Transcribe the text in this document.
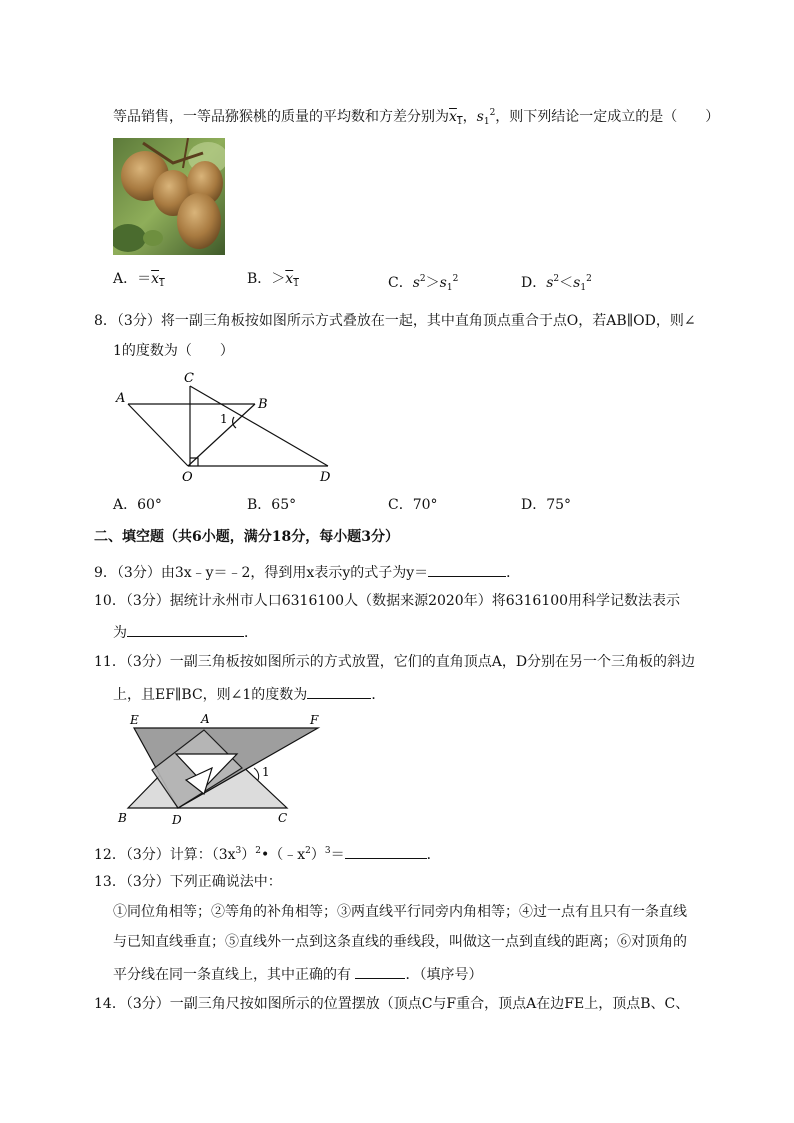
等品销售，一等品猕猴桃的质量的平均数和方差分别为$x_1$，$s_1^2$，则下列结论一定成立的是（　　）
A．$=x_1$	B．$>x_1$	C．$s^2>s_1^2$	D．$s^2<s_1^2$
8．（3分）将一副三角板按如图所示方式叠放在一起，其中直角顶点重合于点O，若AB∥OD，则∠
1的度数为（　　）
A
C
B
1
O	D
A．60°	B．65°	C．70°	D．75°
二、填空题（共6小题，满分18分，每小题3分）
9．（3分）由3x﹣y＝﹣2，得到用x表示y的式子为y＝	．
10．（3分）据统计永州市人口6316100人（数据来源2020年）将6316100用科学记数法表示
为	．
11．（3分）一副三角板按如图所示的方式放置，它们的直角顶点A，D分别在另一个三角板的斜边
上，且EF∥BC，则∠1的度数为	．
E	A	F
1
B	D	C
12．（3分）计算：$(3x^3)^2•(﹣x^2)^3=$	．
13．（3分）下列正确说法中：
①同位角相等；②等角的补角相等；③两直线平行同旁内角相等；④过一点有且只有一条直线
与已知直线垂直；⑤直线外一点到这条直线的垂线段，叫做这一点到直线的距离；⑥对顶角的
平分线在同一条直线上，其中正确的有	．（填序号）
14．（3分）一副三角尺按如图所示的位置摆放（顶点C与F重合，顶点A在边FE上，顶点B、C、
